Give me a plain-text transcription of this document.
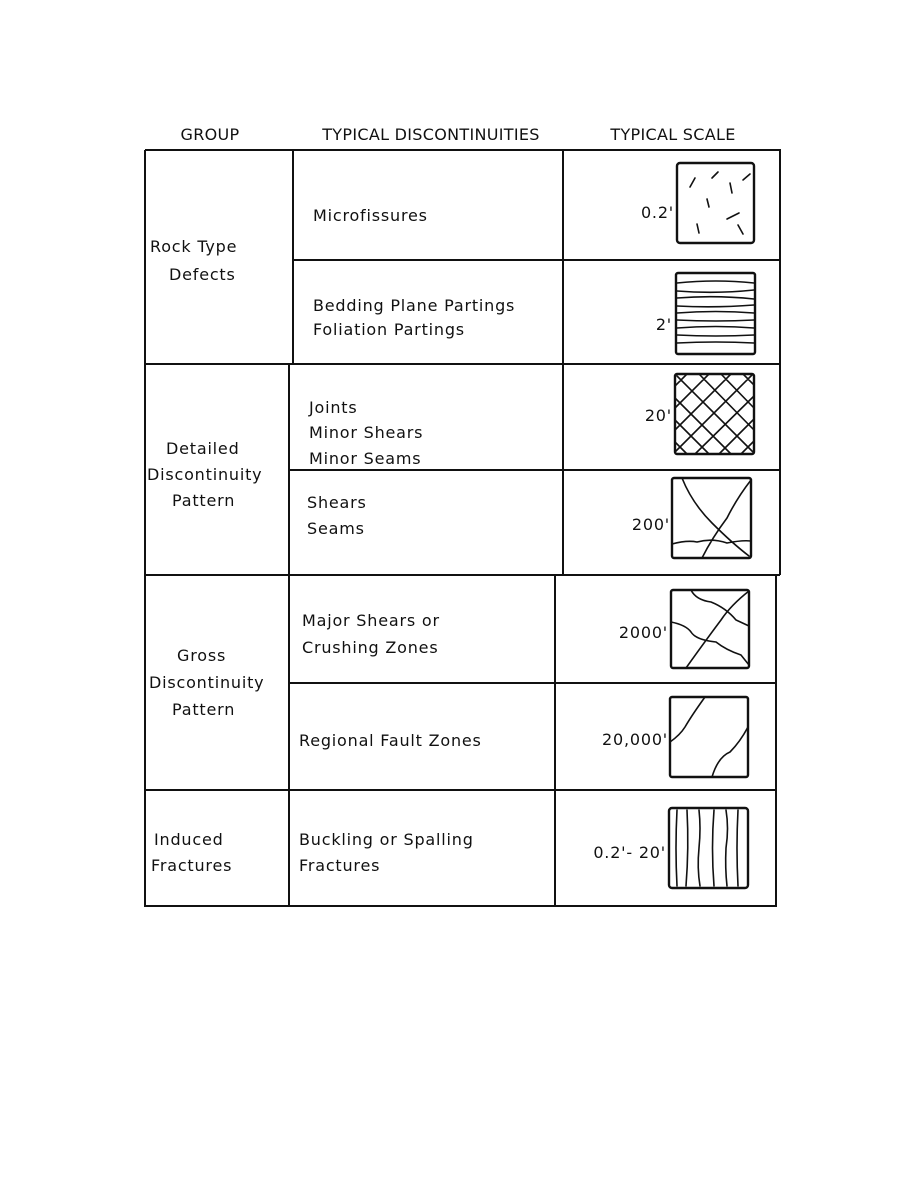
GROUP	TYPICAL DISCONTINUITIES	TYPICAL SCALE
Rock Type
Defects
Detailed
Discontinuity
Pattern
Gross
Discontinuity
Pattern
Induced
Fractures
Microfissures
Bedding Plane Partings
Foliation Partings
Joints
Minor Shears
Minor Seams
Shears
Seams
Major Shears or
Crushing Zones
Regional Fault Zones
Buckling or Spalling
Fractures
0.2'
2'
20'
200'
2000'
20,000'
0.2'- 20'
